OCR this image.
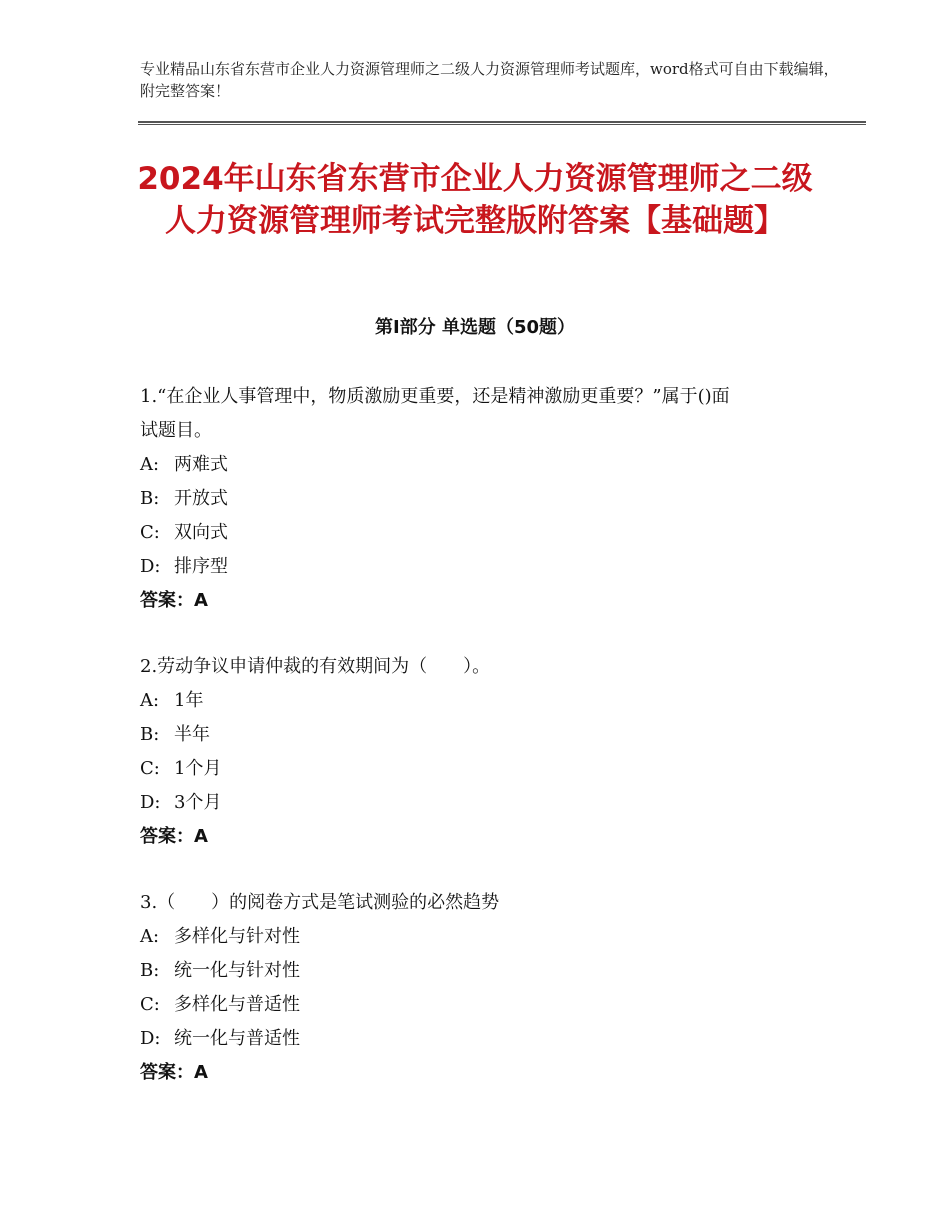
专业精品山东省东营市企业人力资源管理师之二级人力资源管理师考试题库，word格式可自由下载编辑，附完整答案！
2024年山东省东营市企业人力资源管理师之二级人力资源管理师考试完整版附答案【基础题】
第Ⅰ部分 单选题（50题）
1.“在企业人事管理中，物质激励更重要，还是精神激励更重要？”属于()面试题目。
A: 两难式
B: 开放式
C: 双向式
D: 排序型
答案：A
2.劳动争议申请仲裁的有效期间为（　　）。
A: 1年
B: 半年
C: 1个月
D: 3个月
答案：A
3.（　　）的阅卷方式是笔试测验的必然趋势
A: 多样化与针对性
B: 统一化与针对性
C: 多样化与普适性
D: 统一化与普适性
答案：A
